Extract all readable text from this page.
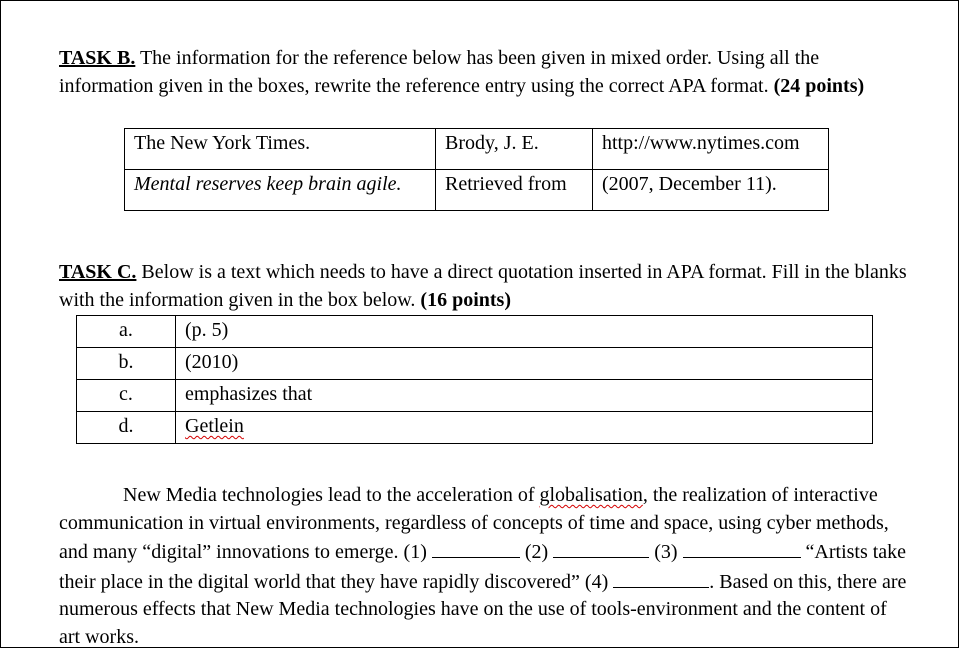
TASK B. The information for the reference below has been given in mixed order. Using all the information given in the boxes, rewrite the reference entry using the correct APA format. (24 points)

The New York Times.	Brody, J. E.	http://www.nytimes.com
Mental reserves keep brain agile.	Retrieved from	(2007, December 11).

TASK C. Below is a text which needs to have a direct quotation inserted in APA format. Fill in the blanks with the information given in the box below. (16 points)

a.	(p. 5)
b.	(2010)
c.	emphasizes that
d.	Getlein

New Media technologies lead to the acceleration of globalisation, the realization of interactive communication in virtual environments, regardless of concepts of time and space, using cyber methods, and many “digital” innovations to emerge. (1)	(2)	(3)	“Artists take their place in the digital world that they have rapidly discovered” (4)	. Based on this, there are numerous effects that New Media technologies have on the use of tools-environment and the content of art works.
